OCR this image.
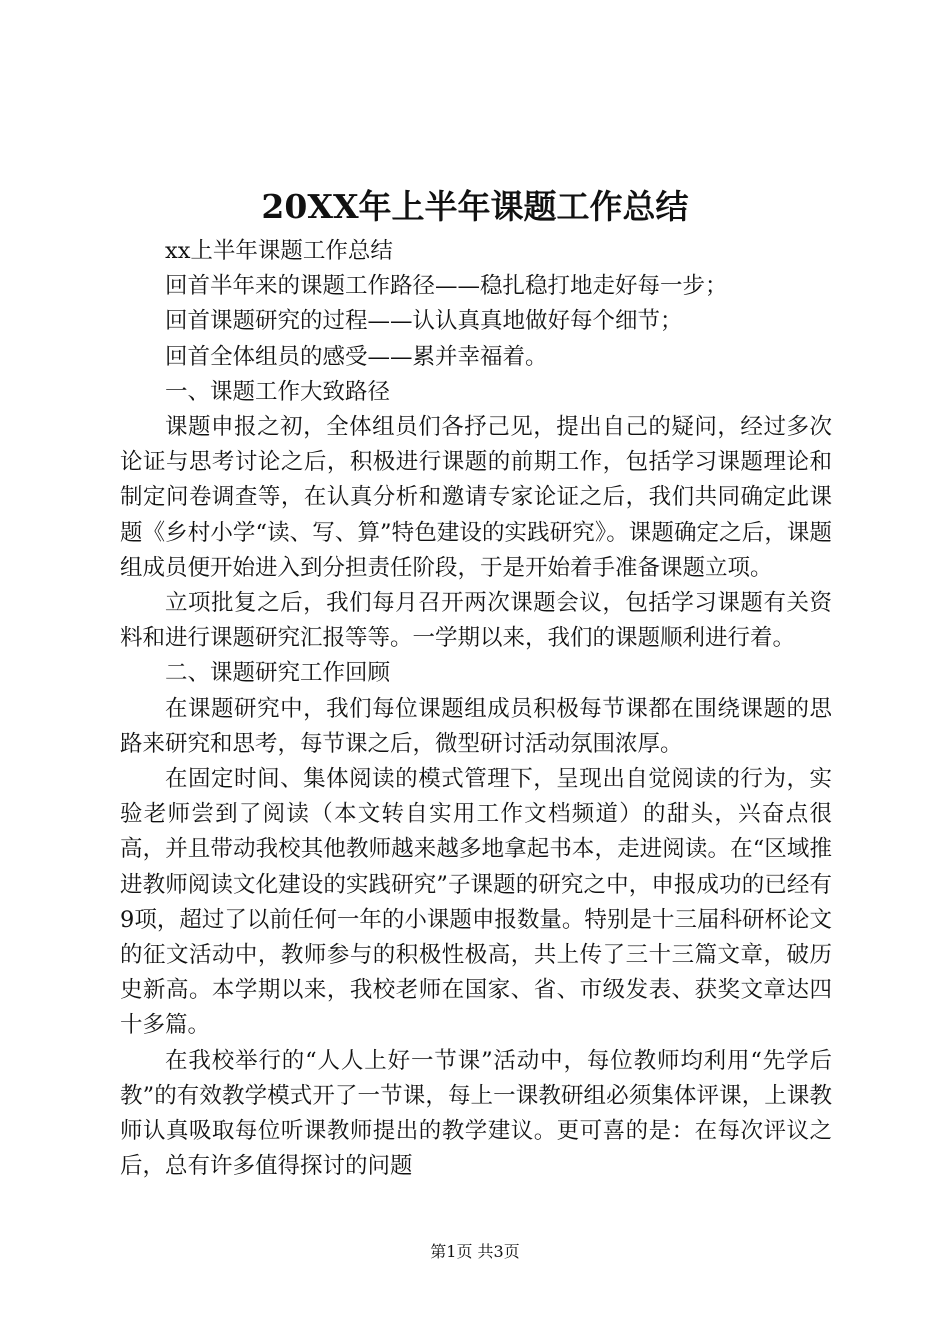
20XX年上半年课题工作总结

xx上半年课题工作总结

回首半年来的课题工作路径——稳扎稳打地走好每一步；

回首课题研究的过程——认认真真地做好每个细节；

回首全体组员的感受——累并幸福着。

一、课题工作大致路径

课题申报之初，全体组员们各抒己见，提出自己的疑问，经过多次论证与思考讨论之后，积极进行课题的前期工作，包括学习课题理论和制定问卷调查等，在认真分析和邀请专家论证之后，我们共同确定此课题《乡村小学“读、写、算”特色建设的实践研究》。课题确定之后，课题组成员便开始进入到分担责任阶段，于是开始着手准备课题立项。

立项批复之后，我们每月召开两次课题会议，包括学习课题有关资料和进行课题研究汇报等等。一学期以来，我们的课题顺利进行着。

二、课题研究工作回顾

在课题研究中，我们每位课题组成员积极每节课都在围绕课题的思路来研究和思考，每节课之后，微型研讨活动氛围浓厚。

在固定时间、集体阅读的模式管理下，呈现出自觉阅读的行为，实验老师尝到了阅读（本文转自实用工作文档频道）的甜头，兴奋点很高，并且带动我校其他教师越来越多地拿起书本，走进阅读。在“区域推进教师阅读文化建设的实践研究”子课题的研究之中，申报成功的已经有9项，超过了以前任何一年的小课题申报数量。特别是十三届科研杯论文的征文活动中，教师参与的积极性极高，共上传了三十三篇文章，破历史新高。本学期以来，我校老师在国家、省、市级发表、获奖文章达四十多篇。

在我校举行的“人人上好一节课”活动中，每位教师均利用“先学后教”的有效教学模式开了一节课，每上一课教研组必须集体评课，上课教师认真吸取每位听课教师提出的教学建议。更可喜的是：在每次评议之后，总有许多值得探讨的问题

第1页 共3页
